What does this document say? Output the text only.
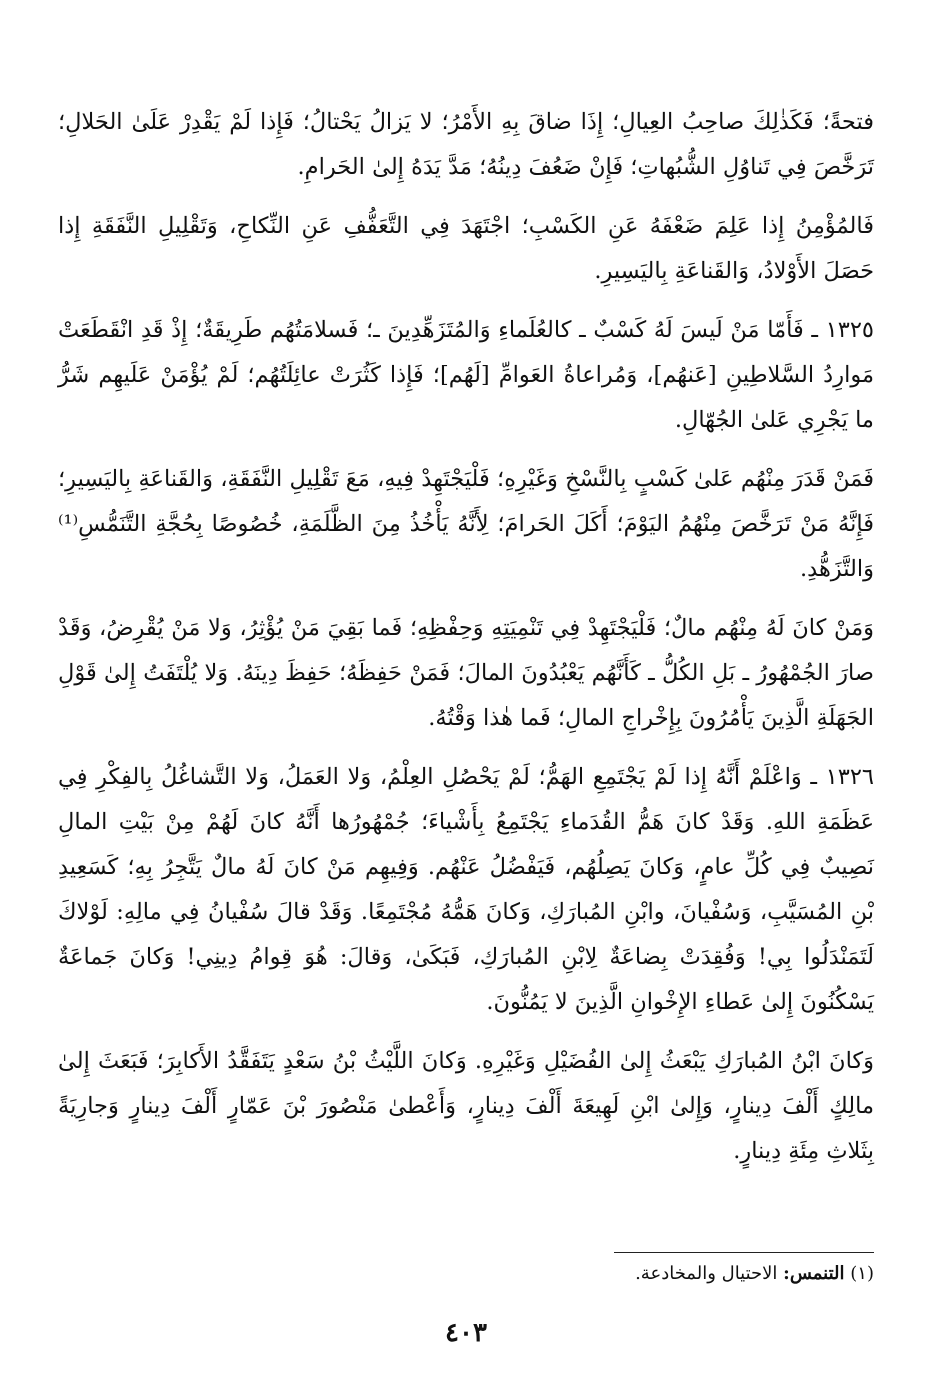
فتحةً؛ فَكَذٰلِكَ صاحِبُ العِيالِ؛ إِذَا ضاقَ بِهِ الأَمْرُ؛ لا يَزالُ يَحْتالُ؛ فَإِذا لَمْ يَقْدِرْ عَلَىٰ الحَلالِ؛ تَرَخَّصَ فِي تَناوُلِ الشُّبُهاتِ؛ فَإِنْ ضَعُفَ دِينُهُ؛ مَدَّ يَدَهُ إِلىٰ الحَرامِ.

فَالمُؤْمِنُ إِذا عَلِمَ ضَعْفَهُ عَنِ الكَسْبِ؛ اجْتَهَدَ فِي التَّعَفُّفِ عَنِ النِّكاحِ، وَتَقْلِيلِ النَّفَقَةِ إِذا حَصَلَ الأَوْلادُ، وَالقَناعَةِ بِاليَسِيرِ.

١٣٢٥ ـ فَأَمّا مَنْ لَيسَ لَهُ كَسْبٌ ـ كالعُلَماءِ وَالمُتَزَهِّدِينَ ـ؛ فَسلامَتُهُم طَرِيقَةٌ؛ إِذْ قَدِ انْقَطَعَتْ مَوارِدُ السَّلاطِينِ [عَنهُم]، وَمُراعاةُ العَوامِّ [لَهُم]؛ فَإِذا كَثُرَتْ عائِلَتُهُم؛ لَمْ يُؤْمَنْ عَلَيهِم شَرُّ ما يَجْرِي عَلىٰ الجُهّالِ.

فَمَنْ قَدَرَ مِنْهُم عَلىٰ كَسْبٍ بِالنَّسْخِ وَغَيْرِهِ؛ فَلْيَجْتَهِدْ فِيهِ، مَعَ تَقْلِيلِ النَّفَقَةِ، وَالقَناعَةِ بِاليَسِيرِ؛ فَإِنَّهُ مَنْ تَرَخَّصَ مِنْهُمُ اليَوْمَ؛ أَكَلَ الحَرامَ؛ لِأَنَّهُ يَأْخُذُ مِنَ الظَّلَمَةِ، خُصُوصًا بِحُجَّةِ التَّنَمُّسِ⁽¹⁾ وَالتَّزَهُّدِ.

وَمَنْ كانَ لَهُ مِنْهُم مالٌ؛ فَلْيَجْتَهِدْ فِي تَنْمِيَتِهِ وَحِفْظِهِ؛ فَما بَقِيَ مَنْ يُؤْثِرُ، وَلا مَنْ يُقْرِضُ، وَقَدْ صارَ الجُمْهُورُ ـ بَلِ الكُلُّ ـ كَأَنَّهُم يَعْبُدُونَ المالَ؛ فَمَنْ حَفِظَهُ؛ حَفِظَ دِينَهُ. وَلا يُلْتَفَتُ إِلىٰ قَوْلِ الجَهَلَةِ الَّذِينَ يَأْمُرُونَ بِإِخْراجِ المالِ؛ فَما هٰذا وَقْتُهُ.

١٣٢٦ ـ وَاعْلَمْ أَنَّهُ إِذا لَمْ يَجْتَمِعِ الهَمُّ؛ لَمْ يَحْصُلِ العِلْمُ، وَلا العَمَلُ، وَلا التَّشاغُلُ بِالفِكْرِ فِي عَظَمَةِ اللهِ. وَقَدْ كانَ هَمُّ القُدَماءِ يَجْتَمِعُ بِأَشْياءَ؛ جُمْهُورُها أَنَّهُ كانَ لَهُمْ مِنْ بَيْتِ المالِ نَصِيبٌ فِي كُلِّ عامٍ، وَكانَ يَصِلُهُم، فَيَفْضُلُ عَنْهُم. وَفِيهِم مَنْ كانَ لَهُ مالٌ يَتَّجِرُ بِهِ؛ كَسَعِيدِ بْنِ المُسَيَّبِ، وَسُفْيانَ، وابْنِ المُبارَكِ، وَكانَ هَمُّهُ مُجْتَمِعًا. وَقَدْ قالَ سُفْيانُ فِي مالِهِ: لَوْلاكَ لَتَمَنْدَلُوا بِي! وَفُقِدَتْ بِضاعَةٌ لِابْنِ المُبارَكِ، فَبَكَىٰ، وَقالَ: هُوَ قِوامُ دِينِي! وَكانَ جَماعَةٌ يَسْكُنُونَ إِلىٰ عَطاءِ الإِخْوانِ الَّذِينَ لا يَمُنُّونَ.

وَكانَ ابْنُ المُبارَكِ يَبْعَثُ إِلىٰ الفُضَيْلِ وَغَيْرِهِ. وَكانَ اللَّيْثُ بْنُ سَعْدٍ يَتَفَقَّدُ الأَكابِرَ؛ فَبَعَثَ إِلىٰ مالِكٍ أَلْفَ دِينارٍ، وَإِلىٰ ابْنِ لَهِيعَةَ أَلْفَ دِينارٍ، وَأَعْطىٰ مَنْصُورَ بْنَ عَمّارٍ أَلْفَ دِينارٍ وَجارِيَةً بِثَلاثِ مِئَةِ دِينارٍ.

(١) التنمس: الاحتيال والمخادعة.
٤٠٣
